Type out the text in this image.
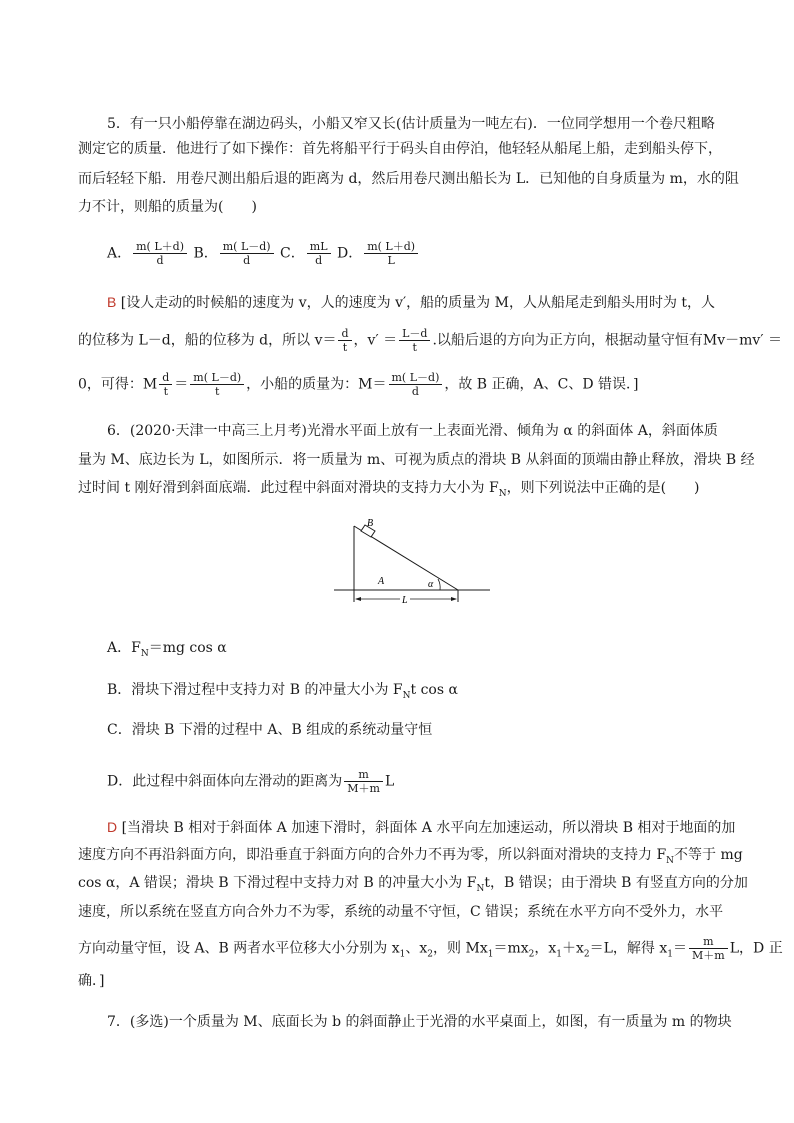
5．有一只小船停靠在湖边码头，小船又窄又长(估计质量为一吨左右)．一位同学想用一个卷尺粗略
测定它的质量．他进行了如下操作：首先将船平行于码头自由停泊，他轻轻从船尾上船，走到船头停下，
而后轻轻下船．用卷尺测出船后退的距离为 d，然后用卷尺测出船长为 L．已知他的自身质量为 m，水的阻
力不计，则船的质量为(　　)
A． $\frac{m( L+d)}{d}$ B． $\frac{m( L-d)}{d}$ C． $\frac{mL}{d}$ D． $\frac{m( L+d)}{L}$
B [设人走动的时候船的速度为 v，人的速度为 v′，船的质量为 M，人从船尾走到船头用时为 t，人
的位移为 L－d，船的位移为 d，所以 $v= \frac{d}{t}$ ，$v' = \frac{L-d}{t}$ .以船后退的方向为正方向，根据动量守恒有Mv－mv′ ＝
0，可得：M $\frac{d}{t} = \frac{m( L-d)}{t}$ ，小船的质量为：$M= \frac{m( L-d)}{d}$ ，故 B 正确，A、C、D 错误．]
6．(2020·天津一中高三上月考)光滑水平面上放有一上表面光滑、倾角为 α 的斜面体 A，斜面体质
量为 M、底边长为 L，如图所示．将一质量为 m、可视为质点的滑块 B 从斜面的顶端由静止释放，滑块 B 经
过时间 t 刚好滑到斜面底端．此过程中斜面对滑块的支持力大小为 $F_N$，则下列说法中正确的是(　　)
B
A	α
L
A．$F_N=mg$ cos α
B．滑块下滑过程中支持力对 B 的冲量大小为 $F_Nt$ cos α
C．滑块 B 下滑的过程中 A、B 组成的系统动量守恒
D．此过程中斜面体向左滑动的距离为 $\frac{m}{M+m}$ L
D [当滑块 B 相对于斜面体 A 加速下滑时，斜面体 A 水平向左加速运动，所以滑块 B 相对于地面的加
速度方向不再沿斜面方向，即沿垂直于斜面方向的合外力不再为零，所以斜面对滑块的支持力 $F_N$不等于 mg
cos α，A 错误；滑块 B 下滑过程中支持力对 B 的冲量大小为 $F_Nt$，B 错误；由于滑块 B 有竖直方向的分加
速度，所以系统在竖直方向合外力不为零，系统的动量不守恒，C 错误；系统在水平方向不受外力，水平
方向动量守恒，设 A、B 两者水平位移大小分别为 $x_1$、$x_2$，则 $Mx_1=mx_2$，$x_1+x_2=L$，解得 $x_1= \frac{m}{M+m}$ L，D 正
确．]
7．(多选)一个质量为 M、底面长为 b 的斜面静止于光滑的水平桌面上，如图，有一质量为 m 的物块
